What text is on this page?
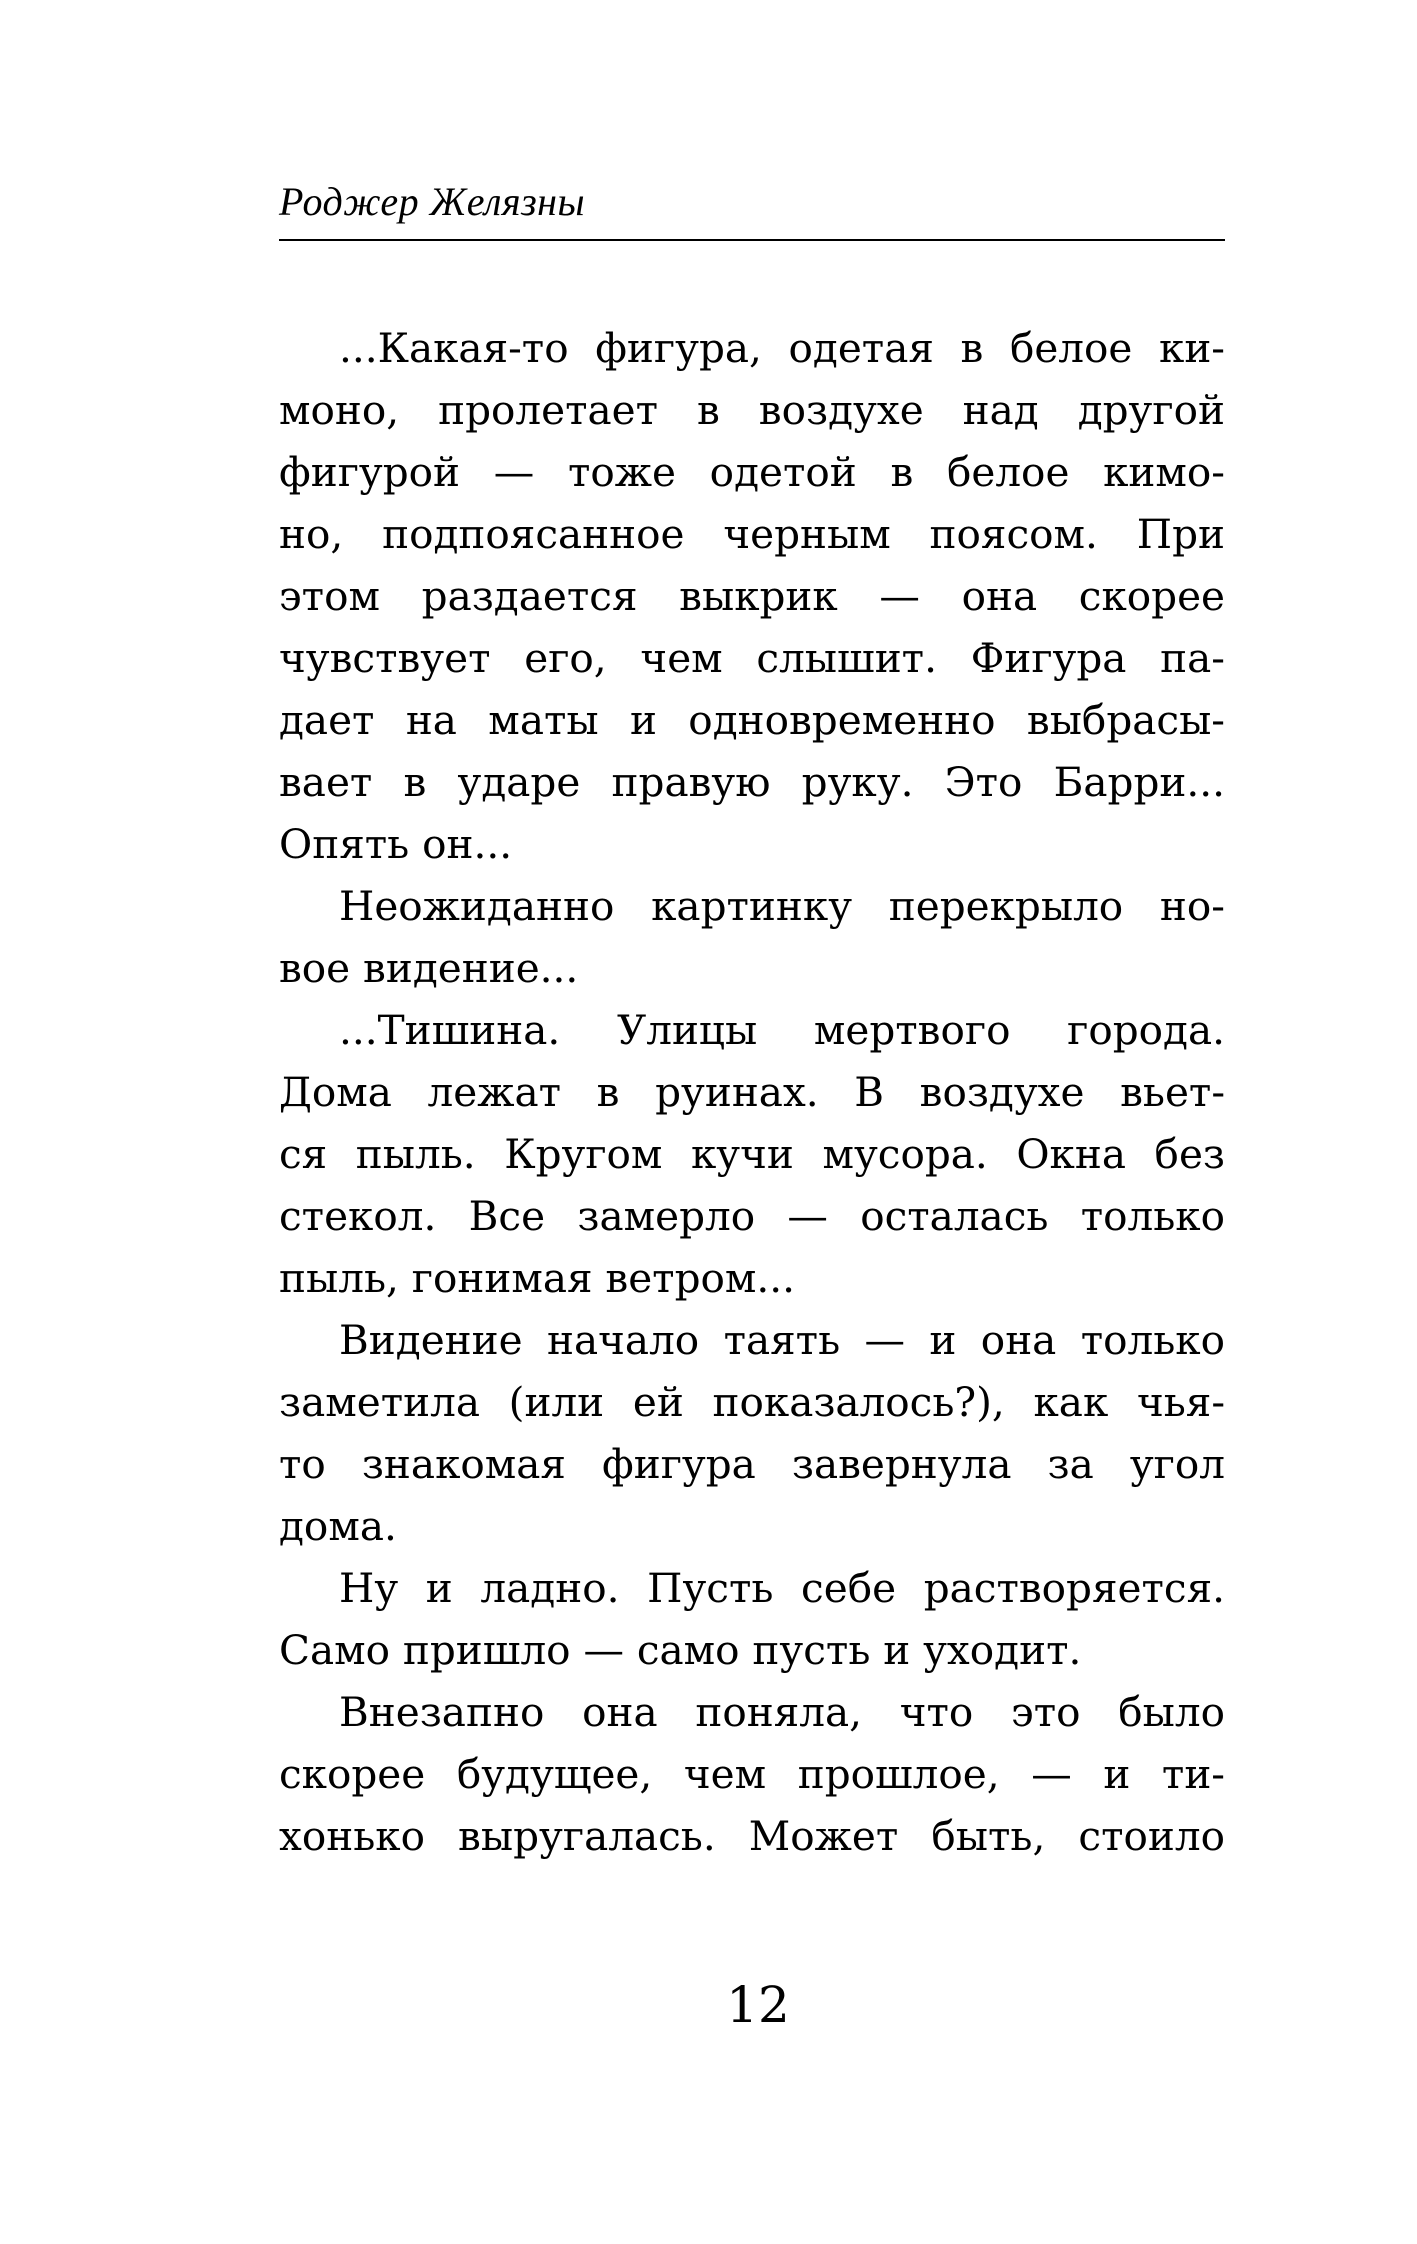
Роджер Желязны

...Какая-то фигура, одетая в белое ки-
моно, пролетает в воздухе над другой
фигурой — тоже одетой в белое кимо-
но, подпоясанное черным поясом. При
этом раздается выкрик — она скорее
чувствует его, чем слышит. Фигура па-
дает на маты и одновременно выбрасы-
вает в ударе правую руку. Это Барри...
Опять он...
Неожиданно картинку перекрыло но-
вое видение...
...Тишина. Улицы мертвого города.
Дома лежат в руинах. В воздухе вьет-
ся пыль. Кругом кучи мусора. Окна без
стекол. Все замерло — осталась только
пыль, гонимая ветром...
Видение начало таять — и она только
заметила (или ей показалось?), как чья-
то знакомая фигура завернула за угол
дома.
Ну и ладно. Пусть себе растворяется.
Само пришло — само пусть и уходит.
Внезапно она поняла, что это было
скорее будущее, чем прошлое, — и ти-
хонько выругалась. Может быть, стоило
12
